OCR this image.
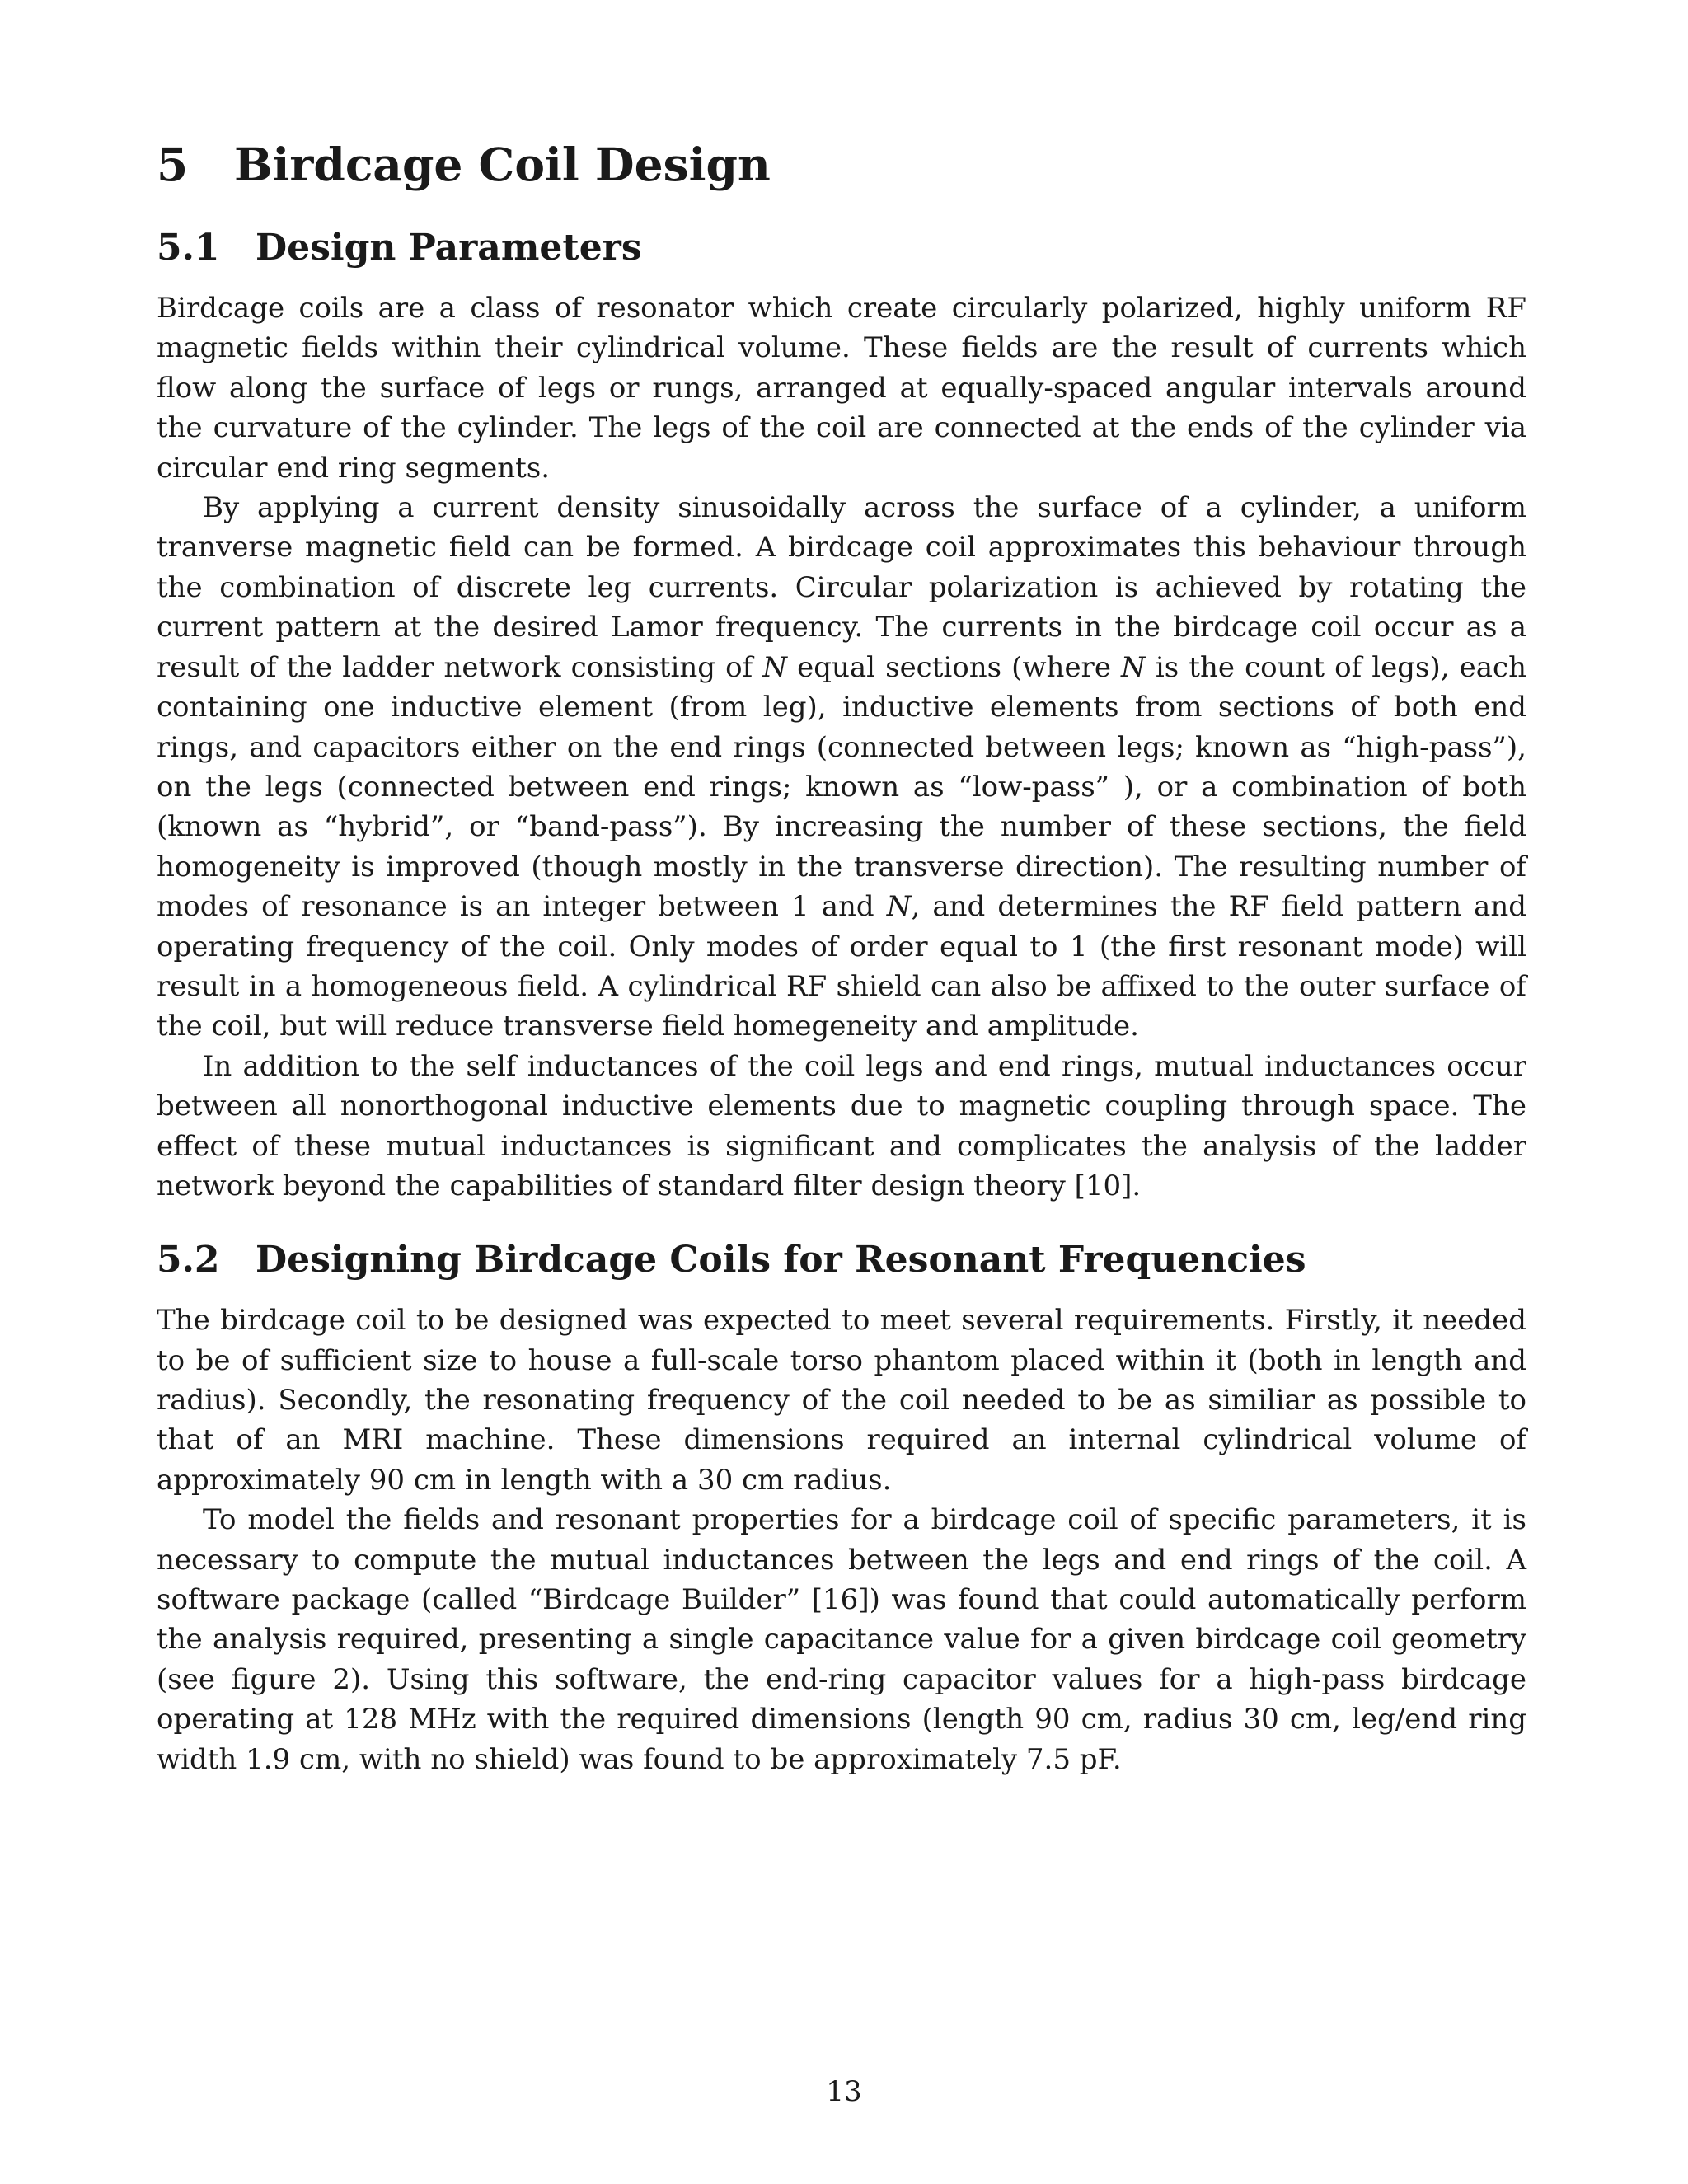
5 Birdcage Coil Design
5.1 Design Parameters

Birdcage coils are a class of resonator which create circularly polarized, highly uniform RF magnetic fields within their cylindrical volume. These fields are the result of currents which flow along the surface of legs or rungs, arranged at equally-spaced angular intervals around the curvature of the cylinder. The legs of the coil are connected at the ends of the cylinder via circular end ring segments.

By applying a current density sinusoidally across the surface of a cylinder, a uniform tranverse magnetic field can be formed. A birdcage coil approximates this behaviour through the combination of discrete leg currents. Circular polarization is achieved by rotating the current pattern at the desired Lamor frequency. The currents in the birdcage coil occur as a result of the ladder network consisting of N equal sections (where N is the count of legs), each containing one inductive element (from leg), inductive elements from sections of both end rings, and capacitors either on the end rings (connected between legs; known as “high-pass”), on the legs (connected between end rings; known as “low-pass” ), or a combination of both (known as “hybrid”, or “band-pass”). By increasing the number of these sections, the field homogeneity is improved (though mostly in the transverse direction). The resulting number of modes of resonance is an integer between 1 and N, and determines the RF field pattern and operating frequency of the coil. Only modes of order equal to 1 (the first resonant mode) will result in a homogeneous field. A cylindrical RF shield can also be affixed to the outer surface of the coil, but will reduce transverse field homegeneity and amplitude.

In addition to the self inductances of the coil legs and end rings, mutual inductances occur between all nonorthogonal inductive elements due to magnetic coupling through space. The effect of these mutual inductances is significant and complicates the analysis of the ladder network beyond the capabilities of standard filter design theory [10].

5.2 Designing Birdcage Coils for Resonant Frequencies

The birdcage coil to be designed was expected to meet several requirements. Firstly, it needed to be of sufficient size to house a full-scale torso phantom placed within it (both in length and radius). Secondly, the resonating frequency of the coil needed to be as similiar as possible to that of an MRI machine. These dimensions required an internal cylindrical volume of approximately 90 cm in length with a 30 cm radius.

To model the fields and resonant properties for a birdcage coil of specific parameters, it is necessary to compute the mutual inductances between the legs and end rings of the coil. A software package (called “Birdcage Builder” [16]) was found that could automatically perform the analysis required, presenting a single capacitance value for a given birdcage coil geometry (see figure 2). Using this software, the end-ring capacitor values for a high-pass birdcage operating at 128 MHz with the required dimensions (length 90 cm, radius 30 cm, leg/end ring width 1.9 cm, with no shield) was found to be approximately 7.5 pF.

13
